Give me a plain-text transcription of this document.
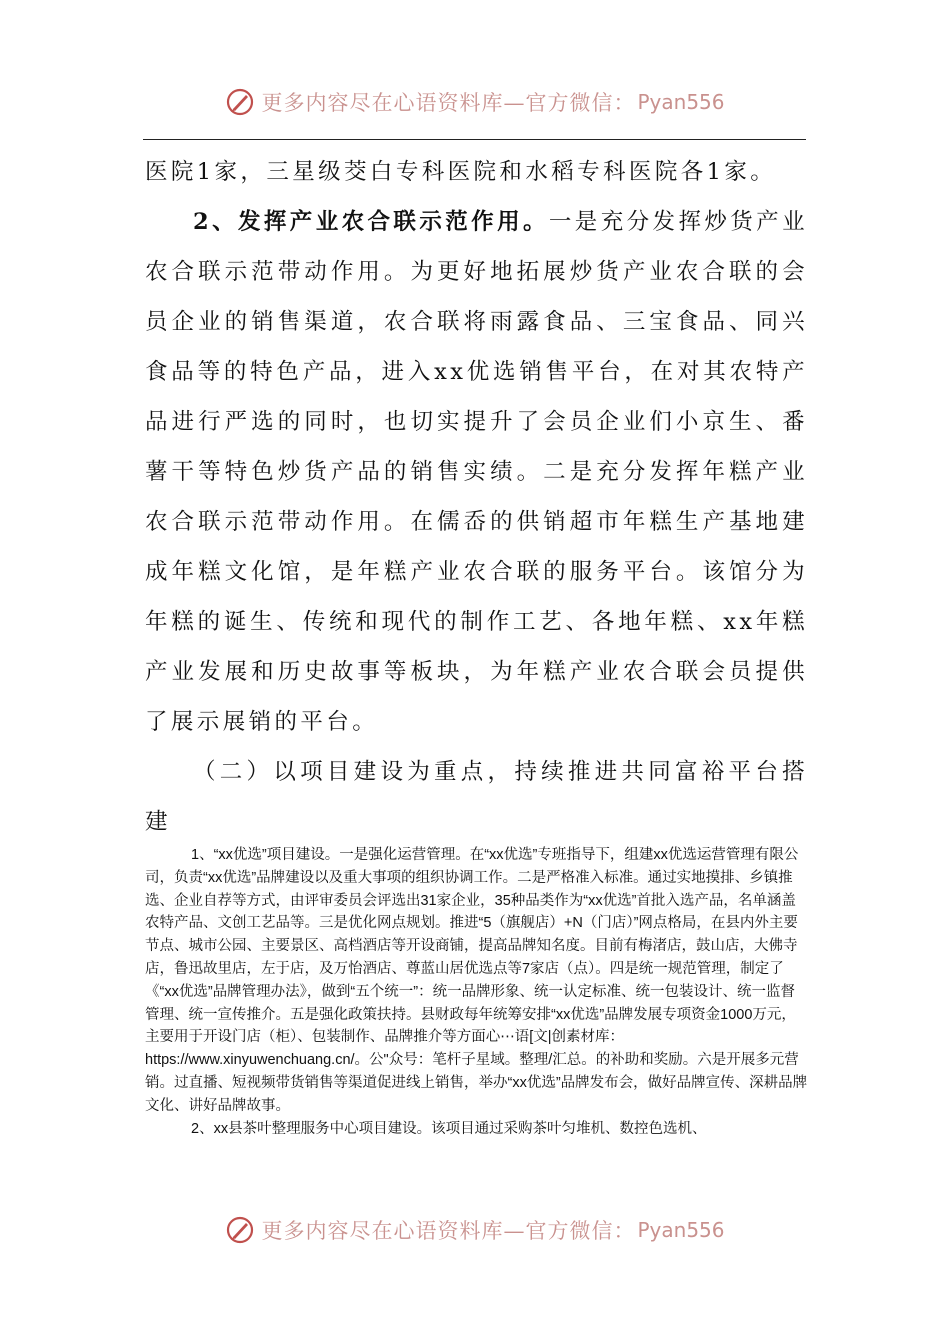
更多内容尽在心语资料库—官方微信： Pyan556

医院1家，三星级茭白专科医院和水稻专科医院各1家。

2、发挥产业农合联示范作用。一是充分发挥炒货产业农合联示范带动作用。为更好地拓展炒货产业农合联的会员企业的销售渠道，农合联将雨露食品、三宝食品、同兴食品等的特色产品，进入xx优选销售平台，在对其农特产品进行严选的同时，也切实提升了会员企业们小京生、番薯干等特色炒货产品的销售实绩。二是充分发挥年糕产业农合联示范带动作用。在儒岙的供销超市年糕生产基地建成年糕文化馆，是年糕产业农合联的服务平台。该馆分为年糕的诞生、传统和现代的制作工艺、各地年糕、xx年糕产业发展和历史故事等板块，为年糕产业农合联会员提供了展示展销的平台。

（二）以项目建设为重点，持续推进共同富裕平台搭建

1、“xx优选”项目建设。一是强化运营管理。在“xx优选”专班指导下，组建xx优选运营管理有限公司，负责“xx优选”品牌建设以及重大事项的组织协调工作。二是严格准入标准。通过实地摸排、乡镇推选、企业自荐等方式，由评审委员会评选出31家企业，35种品类作为“xx优选”首批入选产品，名单涵盖农特产品、文创工艺品等。三是优化网点规划。推进“5（旗舰店）+N（门店）”网点格局，在县内外主要节点、城市公园、主要景区、高档酒店等开设商铺，提高品牌知名度。目前有梅渚店，鼓山店，大佛寺店，鲁迅故里店，左于店，及万怡酒店、尊蓝山居优选点等7家店（点）。四是统一规范管理，制定了《“xx优选”品牌管理办法》，做到“五个统一”：统一品牌形象、统一认定标准、统一包装设计、统一监督管理、统一宣传推介。五是强化政策扶持。县财政每年统筹安排“xx优选”品牌发展专项资金1000万元，主要用于开设门店（柜）、包装制作、品牌推介等方面心⋯语[文|创素材库：https://www.xinyuwenchuang.cn/。公"众号：笔杆子星域。整理/汇总。的补助和奖励。六是开展多元营销。过直播、短视频带货销售等渠道促进线上销售，举办“xx优选”品牌发布会，做好品牌宣传、深耕品牌文化、讲好品牌故事。

2、xx县茶叶整理服务中心项目建设。该项目通过采购茶叶匀堆机、数控色选机、

更多内容尽在心语资料库—官方微信： Pyan556
